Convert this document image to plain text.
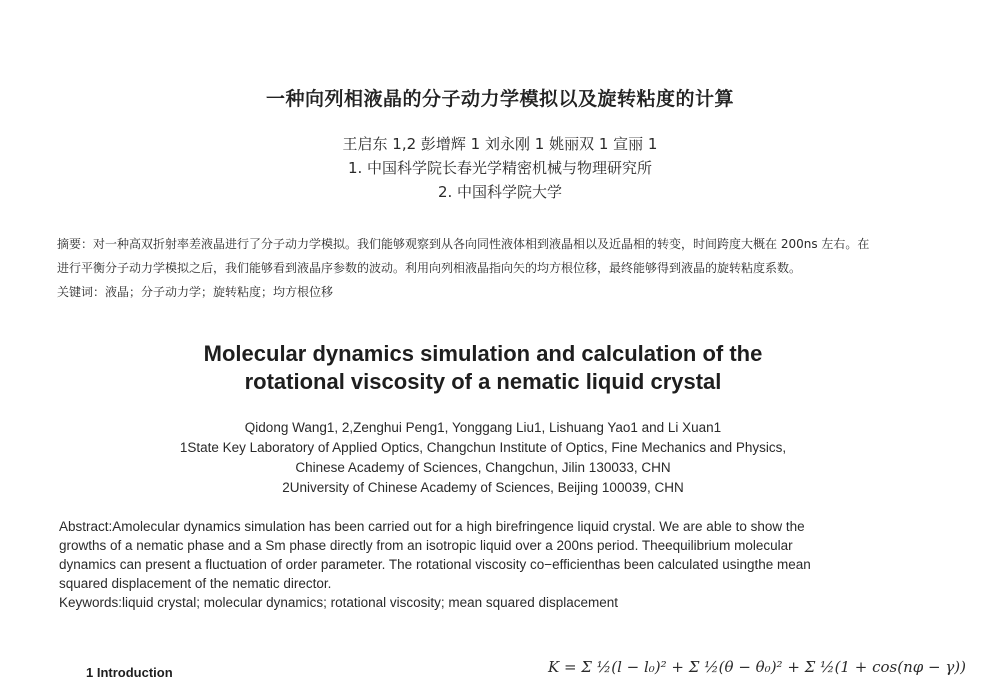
一种向列相液晶的分子动力学模拟以及旋转粘度的计算
王启东 1,2 彭增辉 1 刘永刚 1 姚丽双 1 宣丽 1
1. 中国科学院长春光学精密机械与物理研究所
2. 中国科学院大学
摘要：对一种高双折射率差液晶进行了分子动力学模拟。我们能够观察到从各向同性液体相到液晶相以及近晶相的转变，时间跨度大概在 200ns 左右。在
进行平衡分子动力学模拟之后，我们能够看到液晶序参数的波动。利用向列相液晶指向矢的均方根位移，最终能够得到液晶的旋转粘度系数。
关键词：液晶；分子动力学；旋转粘度；均方根位移
Molecular dynamics simulation and calculation of the
rotational viscosity of a nematic liquid crystal
Qidong Wang1, 2,Zenghui Peng1, Yonggang Liu1, Lishuang Yao1 and Li Xuan1
1State Key Laboratory of Applied Optics, Changchun Institute of Optics, Fine Mechanics and Physics,
Chinese Academy of Sciences, Changchun, Jilin 130033, CHN
2University of Chinese Academy of Sciences, Beijing 100039, CHN
Abstract:Amolecular dynamics simulation has been carried out for a high birefringence liquid crystal. We are able to show the
growths of a nematic phase and a Sm phase directly from an isotropic liquid over a 200ns period. Theequilibrium molecular
dynamics can present a fluctuation of order parameter. The rotational viscosity co−efficienthas been calculated usingthe mean
squared displacement of the nematic director.
Keywords:liquid crystal; molecular dynamics; rotational viscosity; mean squared displacement
1 Introduction	K = Σ ½(l − l₀)² + Σ ½(θ − θ₀)² + Σ ½(1 + cos(nφ − γ))
